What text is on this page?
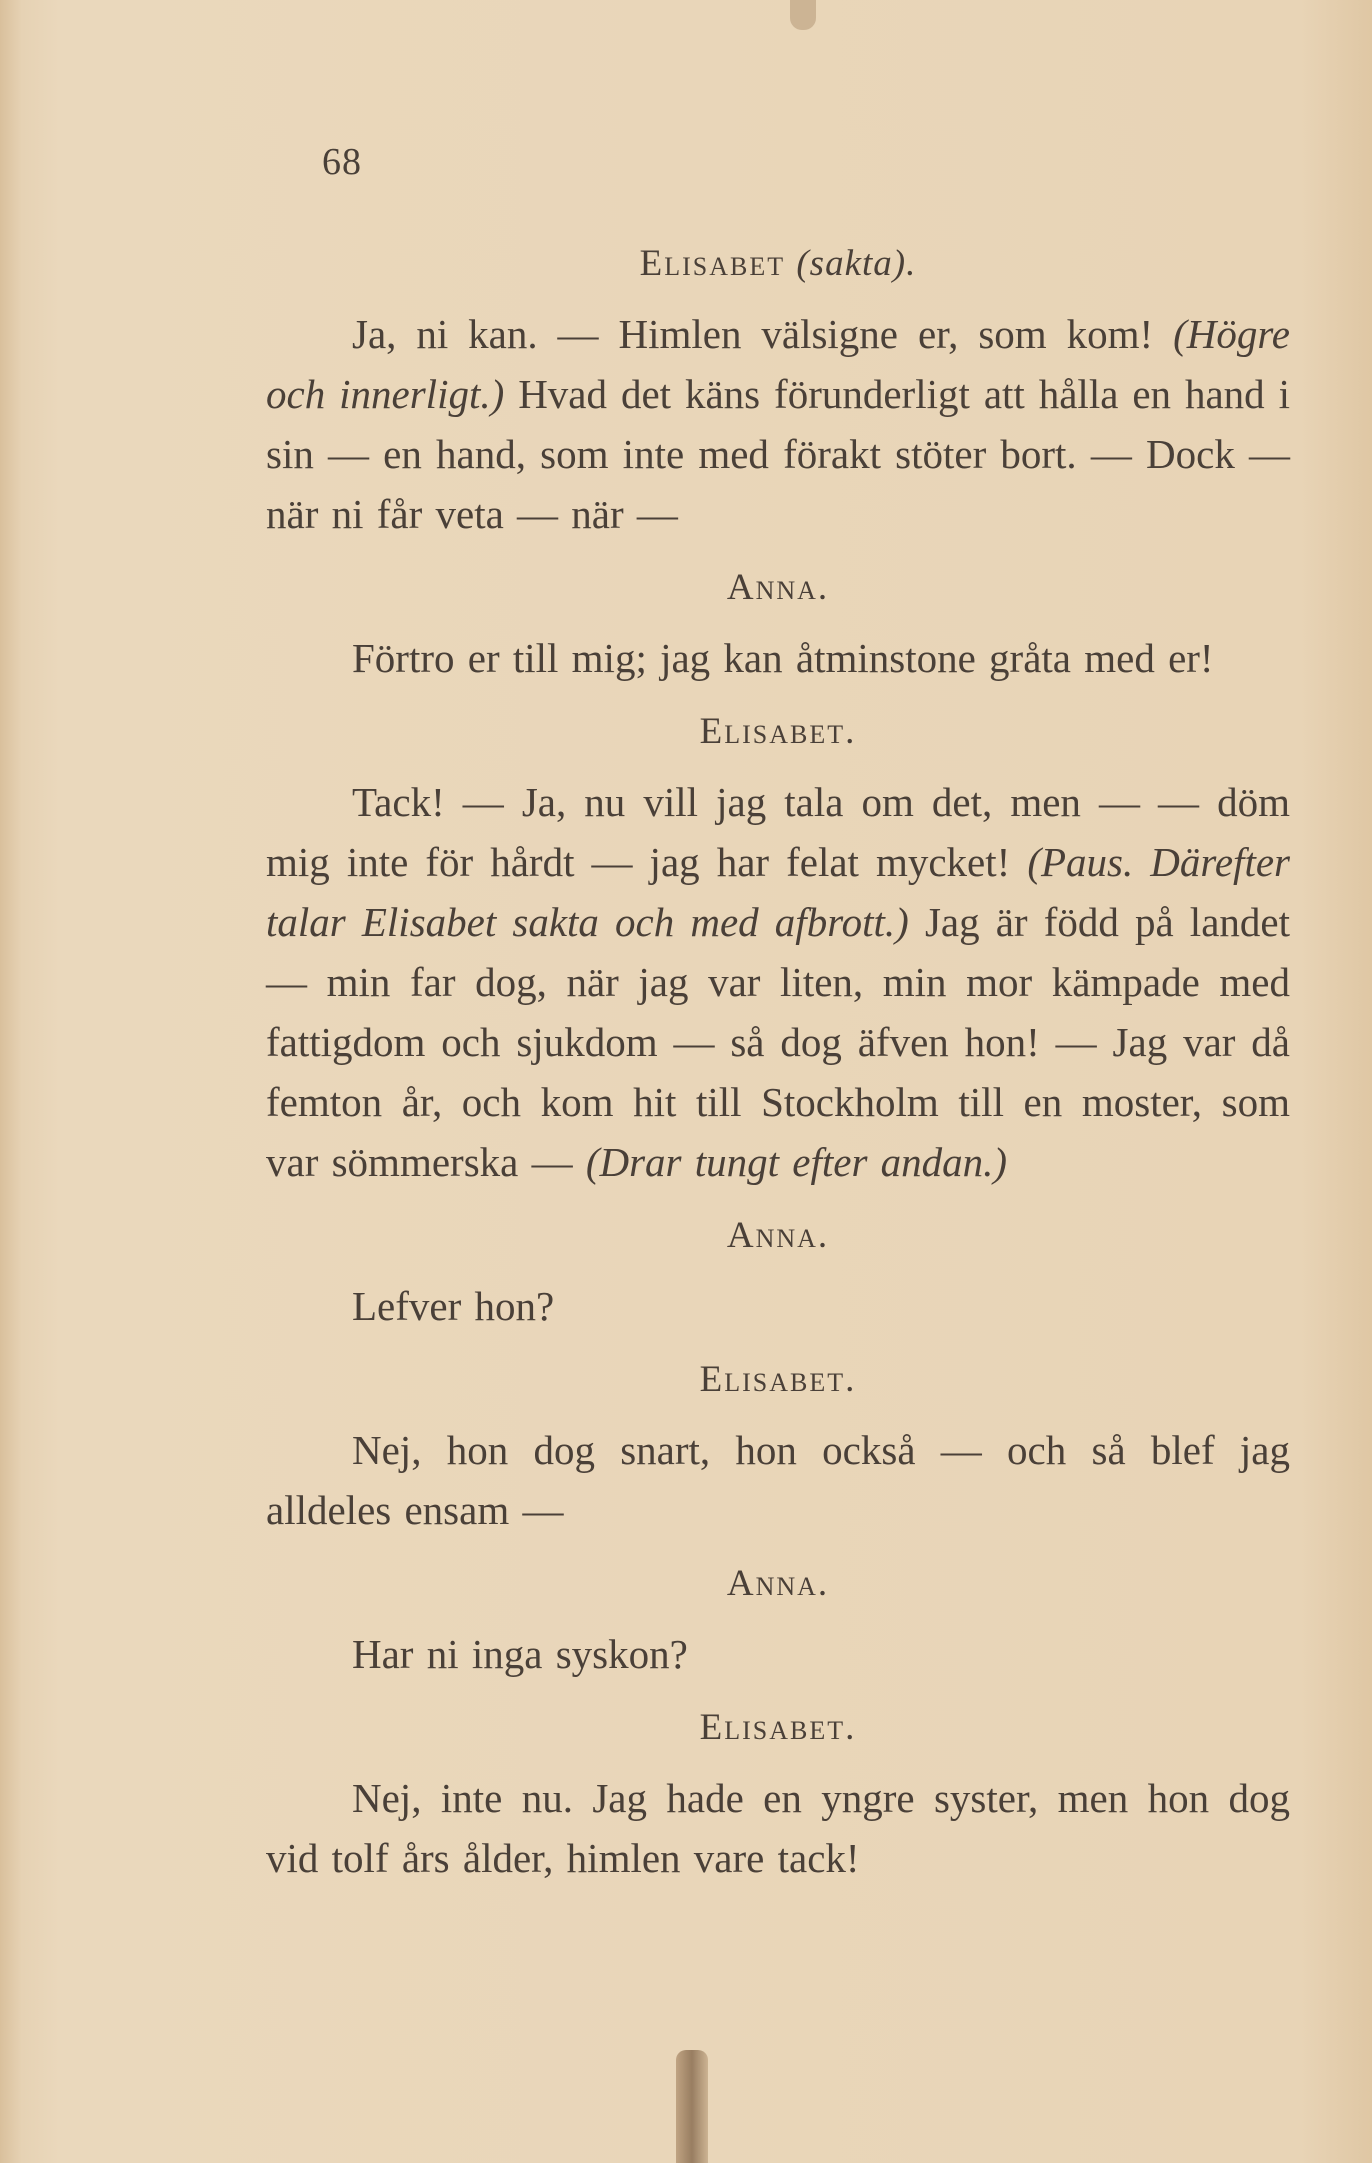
68
Elisabet (sakta).

Ja, ni kan. — Himlen välsigne er, som kom! (Högre och innerligt.) Hvad det käns förunderligt att hålla en hand i sin — en hand, som inte med förakt stöter bort. — Dock — när ni får veta — när —

Anna.

Förtro er till mig; jag kan åtminstone gråta med er!

Elisabet.

Tack! — Ja, nu vill jag tala om det, men — — döm mig inte för hårdt — jag har felat mycket! (Paus. Därefter talar Elisabet sakta och med afbrott.) Jag är född på landet — min far dog, när jag var liten, min mor kämpade med fattigdom och sjukdom — så dog äfven hon! — Jag var då femton år, och kom hit till Stockholm till en moster, som var sömmerska — (Drar tungt efter andan.)

Anna.

Lefver hon?

Elisabet.

Nej, hon dog snart, hon också — och så blef jag alldeles ensam —

Anna.

Har ni inga syskon?

Elisabet.

Nej, inte nu. Jag hade en yngre syster, men hon dog vid tolf års ålder, himlen vare tack!
